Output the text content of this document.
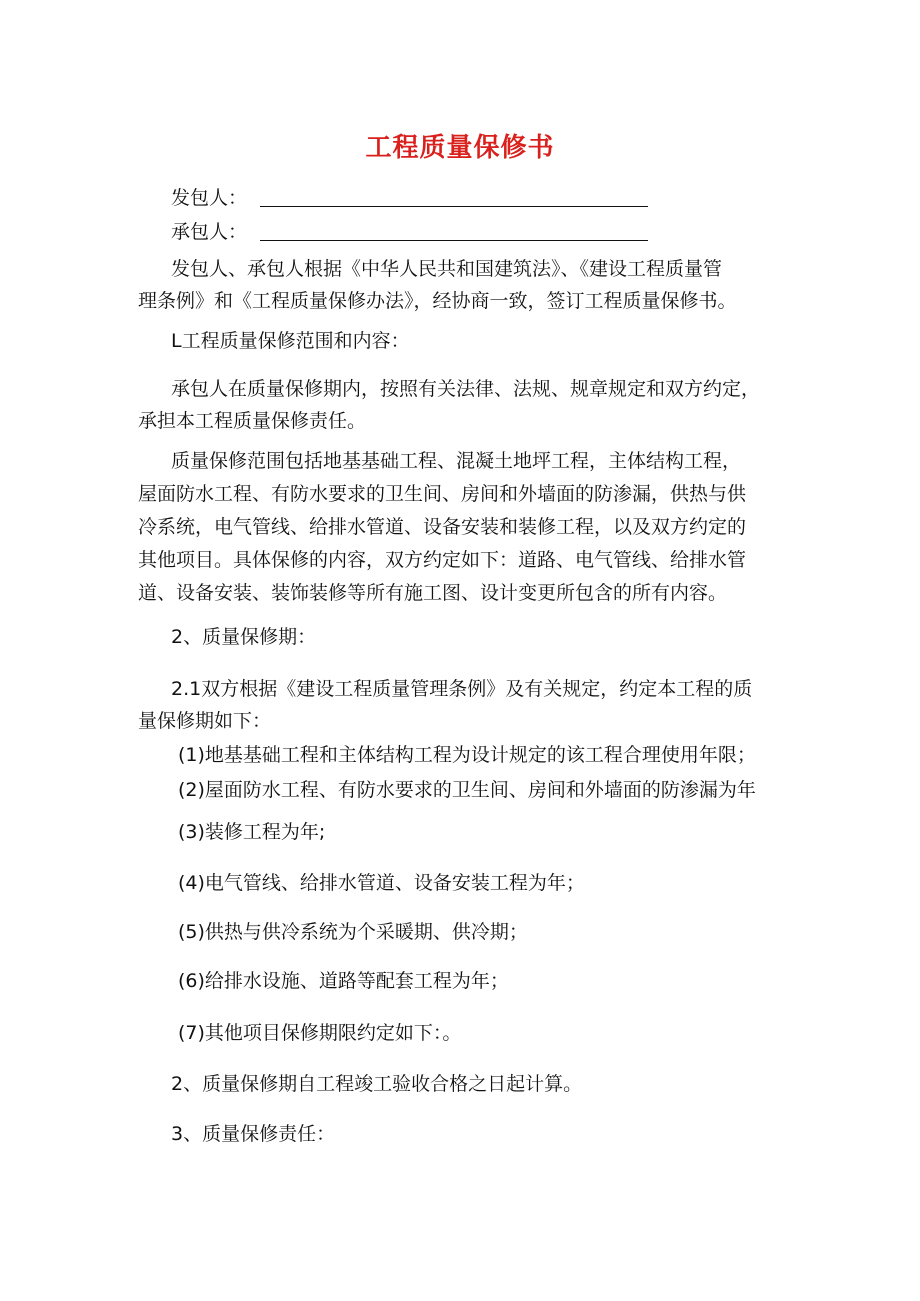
工程质量保修书
发包人：
承包人：

发包人、承包人根据《中华人民共和国建筑法》、《建设工程质量管

理条例》和《工程质量保修办法》，经协商一致，签订工程质量保修书。

L工程质量保修范围和内容：

承包人在质量保修期内，按照有关法律、法规、规章规定和双方约定，

承担本工程质量保修责任。

质量保修范围包括地基基础工程、混凝土地坪工程，主体结构工程，

屋面防水工程、有防水要求的卫生间、房间和外墙面的防渗漏，供热与供

冷系统，电气管线、给排水管道、设备安装和装修工程，以及双方约定的

其他项目。具体保修的内容，双方约定如下：道路、电气管线、给排水管

道、设备安装、装饰装修等所有施工图、设计变更所包含的所有内容。

2、质量保修期：

2.1双方根据《建设工程质量管理条例》及有关规定，约定本工程的质

量保修期如下：

(1)地基基础工程和主体结构工程为设计规定的该工程合理使用年限；

(2)屋面防水工程、有防水要求的卫生间、房间和外墙面的防渗漏为年

(3)装修工程为年;

(4)电气管线、给排水管道、设备安装工程为年；

(5)供热与供冷系统为个采暖期、供冷期；

(6)给排水设施、道路等配套工程为年；

(7)其他项目保修期限约定如下：。

2、质量保修期自工程竣工验收合格之日起计算。

3、质量保修责任：
